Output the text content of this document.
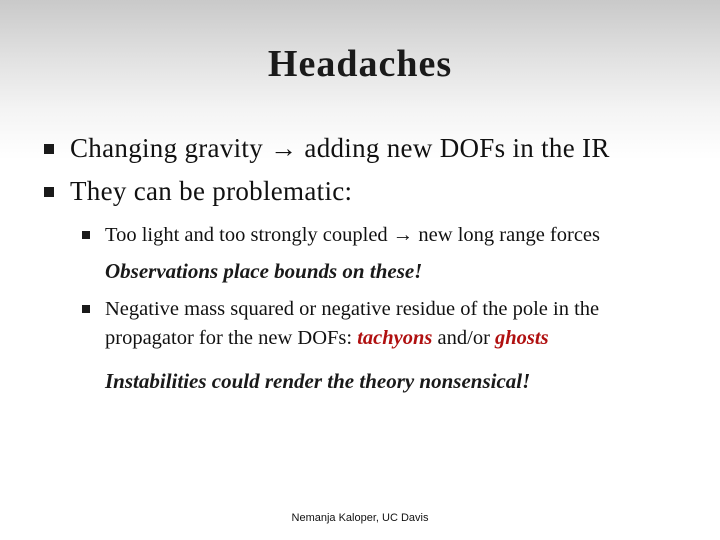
Headaches
Changing gravity → adding new DOFs in the IR
They can be problematic:
Too light and too strongly coupled → new long range forces
Observations place bounds on these!
Negative mass squared or negative residue of the pole in the propagator for the new DOFs: tachyons and/or ghosts
Instabilities could render the theory nonsensical!
Nemanja Kaloper, UC Davis
